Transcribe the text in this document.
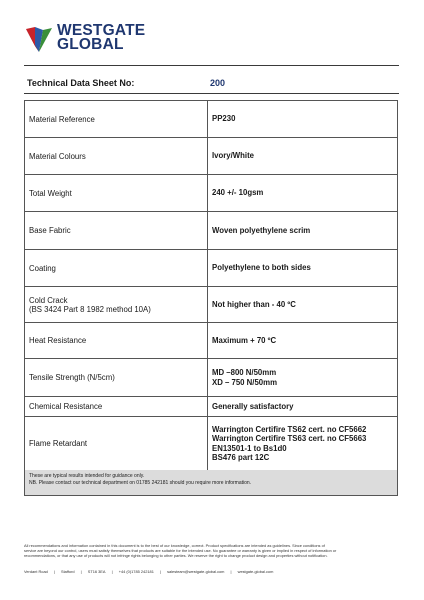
WESTGATE
GLOBAL
Technical Data Sheet No:	200
Material Reference	PP230

Material Colours	Ivory/White

Total Weight	240 +/- 10gsm

Base Fabric	Woven polyethylene scrim

Coating	Polyethylene to both sides

Cold Crack
(BS 3424 Part 8 1982 method 10A)	Not higher than - 40 ºC

Heat Resistance	Maximum + 70 ºC

Tensile Strength (N/5cm)	MD –800 N/50mm
XD – 750 N/50mm

Chemical Resistance	Generally satisfactory

Flame Retardant	Warrington Certifire TS62 cert. no CF5662
Warrington Certifire TS63 cert. no CF5663
EN13501-1 to Bs1d0
BS476 part 12C
These are typical results intended for guidance only.
NB. Please contact our technical department on 01785 242181 should you require more information.
All recommendations and information contained in this document is to the best of our knowledge, correct. Product specifications are intended as guidelines. Since conditions of
service are beyond our control, users must satisfy themselves that products are suitable for the intended use. No guarantee or warranty is given or implied in respect of information or
recommendations, or that any use of products will not infringe rights belonging to other parties. We reserve the right to change product design and properties without notification.
Verdant Road | Stafford | ST16 3EA | +44 (0)1785 242181 | salesteam@westgate-global.com | westgate-global.com
